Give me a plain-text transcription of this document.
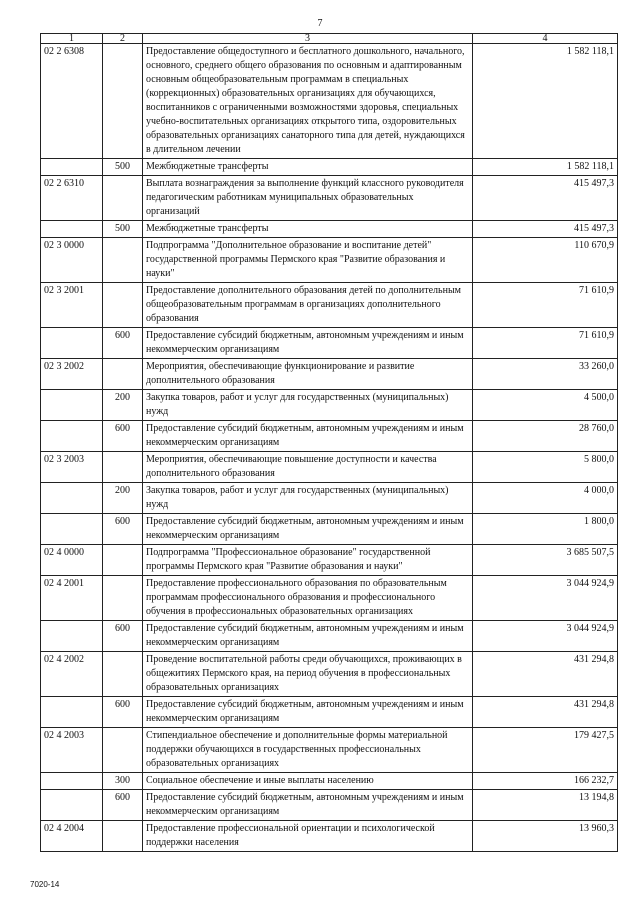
7
1	2	3	4
02 2 6308		Предоставление общедоступного и бесплатного дошкольного, начального, основного, среднего общего образования по основным и адаптированным основным общеобразовательным программам в специальных (коррекционных) образовательных организациях для обучающихся, воспитанников с ограниченными возможностями здоровья, специальных учебно-воспитательных организациях открытого типа, оздоровительных образовательных организациях санаторного типа для детей, нуждающихся в длительном лечении	1 582 118,1
	500	Межбюджетные трансферты	1 582 118,1
02 2 6310		Выплата вознаграждения за выполнение функций классного руководителя педагогическим работникам муниципальных образовательных организаций	415 497,3
	500	Межбюджетные трансферты	415 497,3
02 3 0000		Подпрограмма "Дополнительное образование и воспитание детей" государственной программы Пермского края "Развитие образования и науки"	110 670,9
02 3 2001		Предоставление дополнительного образования детей по дополнительным общеобразовательным программам в организациях дополнительного образования	71 610,9
	600	Предоставление субсидий бюджетным, автономным учреждениям и иным некоммерческим организациям	71 610,9
02 3 2002		Мероприятия, обеспечивающие функционирование и развитие дополнительного образования	33 260,0
	200	Закупка товаров, работ и услуг для государственных (муниципальных) нужд	4 500,0
	600	Предоставление субсидий бюджетным, автономным учреждениям и иным некоммерческим организациям	28 760,0
02 3 2003		Мероприятия, обеспечивающие повышение доступности и качества дополнительного образования	5 800,0
	200	Закупка товаров, работ и услуг для государственных (муниципальных) нужд	4 000,0
	600	Предоставление субсидий бюджетным, автономным учреждениям и иным некоммерческим организациям	1 800,0
02 4 0000		Подпрограмма "Профессиональное образование" государственной программы Пермского края "Развитие образования и науки"	3 685 507,5
02 4 2001		Предоставление профессионального образования по образовательным программам профессионального образования и профессионального обучения в профессиональных образовательных организациях	3 044 924,9
	600	Предоставление субсидий бюджетным, автономным учреждениям и иным некоммерческим организациям	3 044 924,9
02 4 2002		Проведение воспитательной работы среди обучающихся, проживающих в общежитиях Пермского края, на период обучения в профессиональных образовательных организациях	431 294,8
	600	Предоставление субсидий бюджетным, автономным учреждениям и иным некоммерческим организациям	431 294,8
02 4 2003		Стипендиальное обеспечение и дополнительные формы материальной поддержки обучающихся в государственных профессиональных образовательных организациях	179 427,5
	300	Социальное обеспечение и иные выплаты населению	166 232,7
	600	Предоставление субсидий бюджетным, автономным учреждениям и иным некоммерческим организациям	13 194,8
02 4 2004		Предоставление профессиональной ориентации и психологической поддержки населения	13 960,3
7020-14
